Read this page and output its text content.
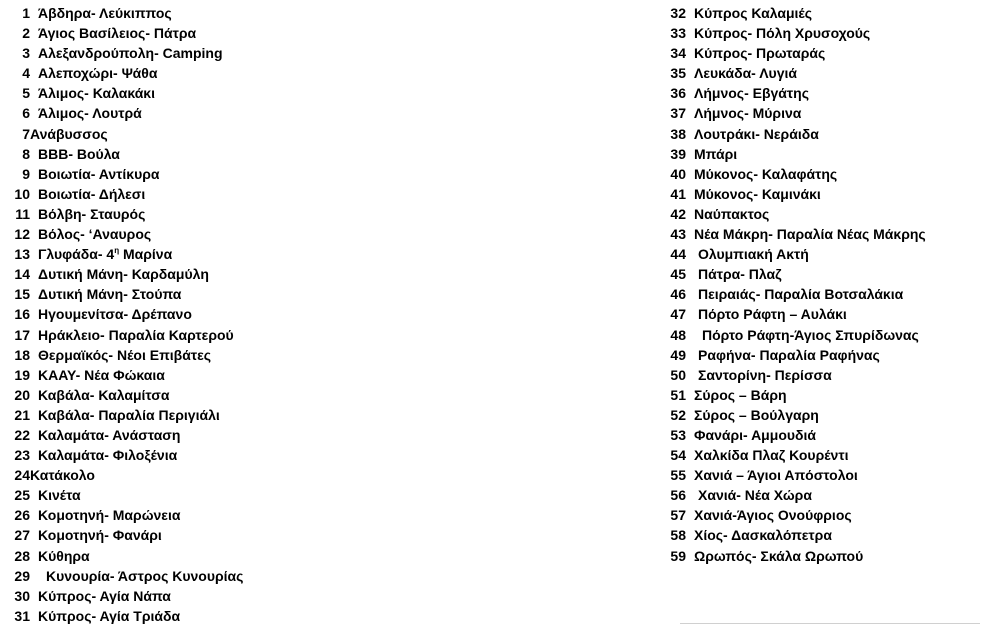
1 Άβδηρα- Λεύκιππος
2 Άγιος Βασίλειος- Πάτρα
3 Αλεξανδρούπολη- Camping
4 Αλεποχώρι- Ψάθα
5 Άλιμος- Καλακάκι
6 Άλιμος- Λουτρά
7Ανάβυσσος
8 ΒΒΒ- Βούλα
9 Βοιωτία- Αντίκυρα
10 Βοιωτία- Δήλεσι
11 Βόλβη- Σταυρός
12 Βόλος- ‘Αναυρος
13 Γλυφάδα- $4^\eta$ Μαρίνα
14 Δυτική Μάνη- Καρδαμύλη
15 Δυτική Μάνη- Στούπα
16 Ηγουμενίτσα- Δρέπανο
17 Ηράκλειο- Παραλία Καρτερού
18 Θερμαϊκός- Νέοι Επιβάτες
19 ΚΑΑΥ- Νέα Φώκαια
20 Καβάλα- Καλαμίτσα
21 Καβάλα- Παραλία Περιγιάλι
22 Καλαμάτα- Ανάσταση
23 Καλαμάτα- Φιλοξένια
24Κατάκολο
25 Κινέτα
26 Κομοτηνή- Μαρώνεια
27 Κομοτηνή- Φανάρι
28 Κύθηρα
29 Κυνουρία- Άστρος Κυνουρίας
30 Κύπρος- Αγία Νάπα
31 Κύπρος- Αγία Τριάδα
32 Κύπρος Καλαμιές
33 Κύπρος- Πόλη Χρυσοχούς
34 Κύπρος- Πρωταράς
35 Λευκάδα- Λυγιά
36 Λήμνος- Εβγάτης
37 Λήμνος- Μύρινα
38 Λουτράκι- Νεράιδα
39 Μπάρι
40 Μύκονος- Καλαφάτης
41 Μύκονος- Καμινάκι
42 Ναύπακτος
43 Νέα Μάκρη- Παραλία Νέας Μάκρης
44 Ολυμπιακή Ακτή
45 Πάτρα- Πλαζ
46 Πειραιάς- Παραλία Βοτσαλάκια
47 Πόρτο Ράφτη – Αυλάκι
48 Πόρτο Ράφτη-Άγιος Σπυρίδωνας
49 Ραφήνα- Παραλία Ραφήνας
50 Σαντορίνη- Περίσσα
51 Σύρος – Βάρη
52 Σύρος – Βούλγαρη
53 Φανάρι- Αμμουδιά
54 Χαλκίδα Πλαζ Κουρέντι
55 Χανιά – Άγιοι Απόστολοι
56 Χανιά- Νέα Χώρα
57 Χανιά-Άγιος Ονούφριος
58 Χίος- Δασκαλόπετρα
59 Ωρωπός- Σκάλα Ωρωπού
